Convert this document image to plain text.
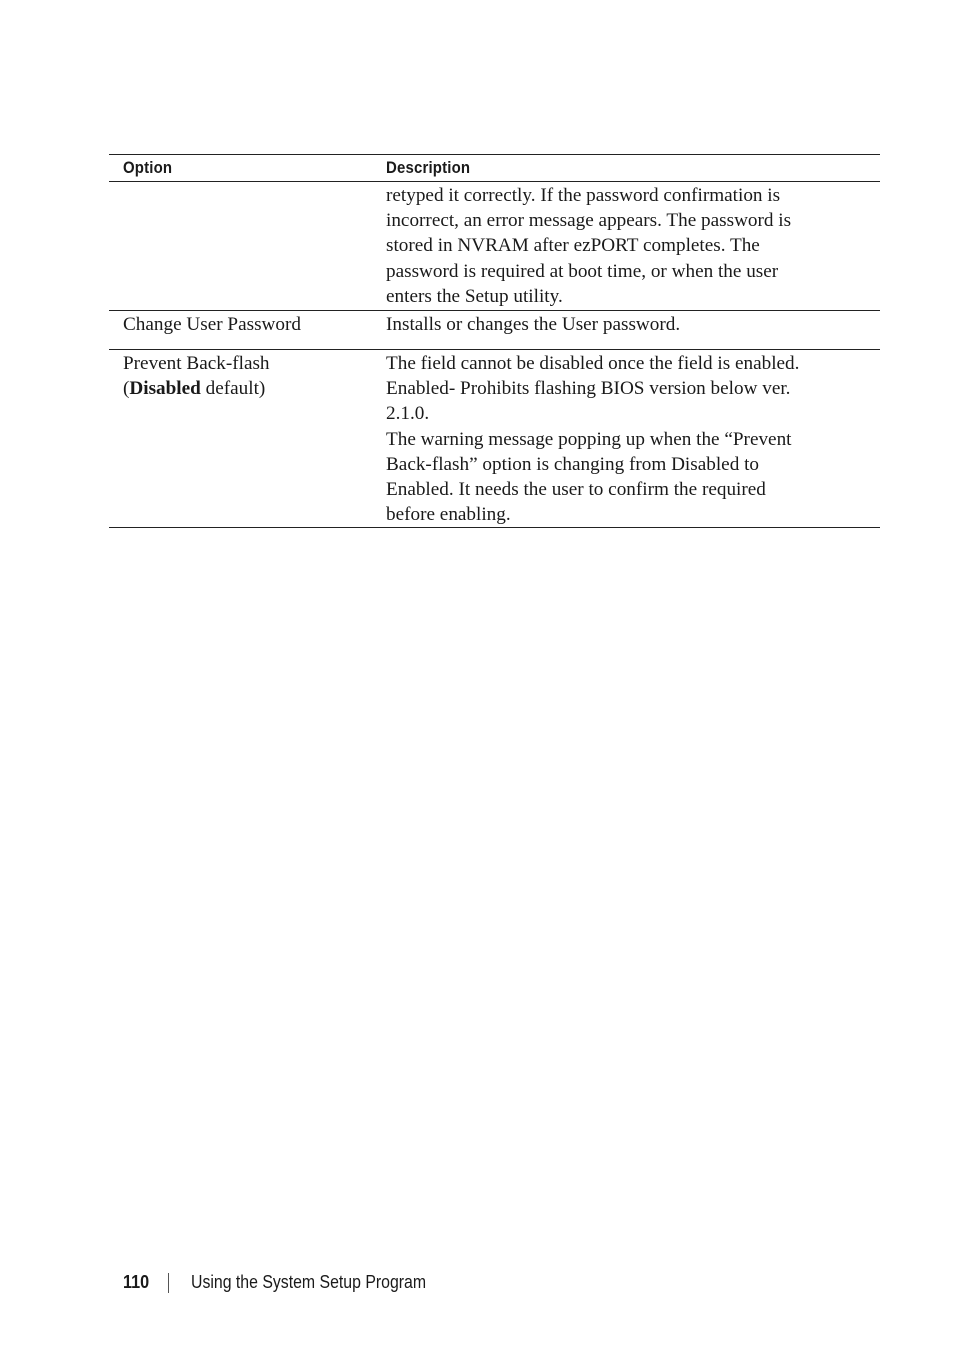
Option	Description
retyped it correctly. If the password confirmation is
incorrect, an error message appears. The password is
stored in NVRAM after ezPORT completes. The
password is required at boot time, or when the user
enters the Setup utility.
Change User Password	Installs or changes the User password.
Prevent Back-flash
(Disabled default)
The field cannot be disabled once the field is enabled.
Enabled- Prohibits flashing BIOS version below ver.
2.1.0.
The warning message popping up when the “Prevent
Back-flash” option is changing from Disabled to
Enabled. It needs the user to confirm the required
before enabling.
110 Using the System Setup Program
